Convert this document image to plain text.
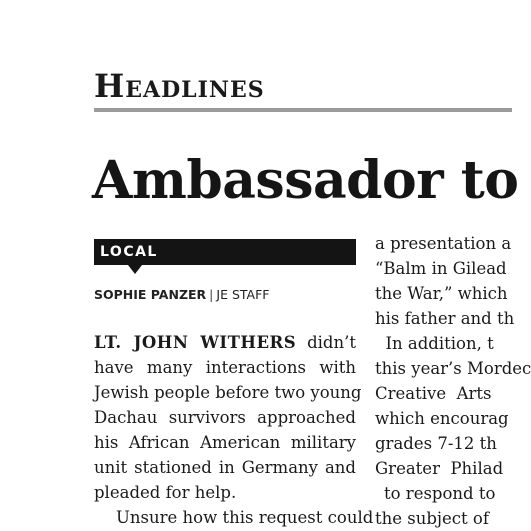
Headlines
Ambassador to
LOCAL
SOPHIE PANZER | JE STAFF
LT. JOHN WITHERS didn’t
have many interactions with
Jewish people before two young
Dachau survivors approached
his African American military
unit stationed in Germany and
pleaded for help.
Unsure how this request could
a presentation a
“Balm in Gilead
the War,” which
his father and th
In addition, t
this year’s Mordec
Creative  Arts
which encourag
grades 7-12 th
Greater  Philad
to respond to
the subject of
